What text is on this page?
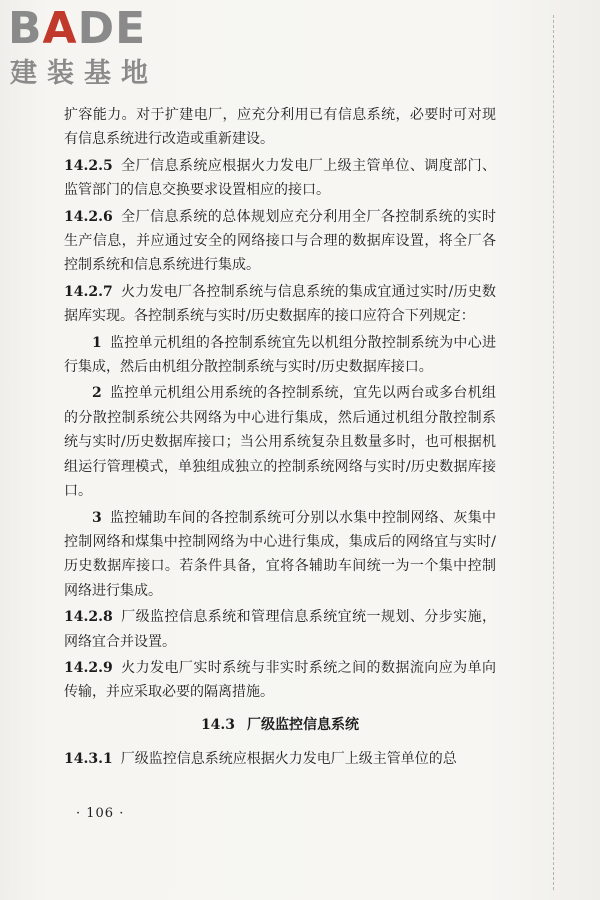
BADE
建装基地

扩容能力。对于扩建电厂，应充分利用已有信息系统，必要时可对现有信息系统进行改造或重新建设。

14.2.5 全厂信息系统应根据火力发电厂上级主管单位、调度部门、监管部门的信息交换要求设置相应的接口。

14.2.6 全厂信息系统的总体规划应充分利用全厂各控制系统的实时生产信息，并应通过安全的网络接口与合理的数据库设置，将全厂各控制系统和信息系统进行集成。

14.2.7 火力发电厂各控制系统与信息系统的集成宜通过实时/历史数据库实现。各控制系统与实时/历史数据库的接口应符合下列规定：

1 监控单元机组的各控制系统宜先以机组分散控制系统为中心进行集成，然后由机组分散控制系统与实时/历史数据库接口。

2 监控单元机组公用系统的各控制系统，宜先以两台或多台机组的分散控制系统公共网络为中心进行集成，然后通过机组分散控制系统与实时/历史数据库接口；当公用系统复杂且数量多时，也可根据机组运行管理模式，单独组成独立的控制系统网络与实时/历史数据库接口。

3 监控辅助车间的各控制系统可分别以水集中控制网络、灰集中控制网络和煤集中控制网络为中心进行集成，集成后的网络宜与实时/历史数据库接口。若条件具备，宜将各辅助车间统一为一个集中控制网络进行集成。

14.2.8 厂级监控信息系统和管理信息系统宜统一规划、分步实施，网络宜合并设置。

14.2.9 火力发电厂实时系统与非实时系统之间的数据流向应为单向传输，并应采取必要的隔离措施。

14.3 厂级监控信息系统

14.3.1 厂级监控信息系统应根据火力发电厂上级主管单位的总

· 106 ·
